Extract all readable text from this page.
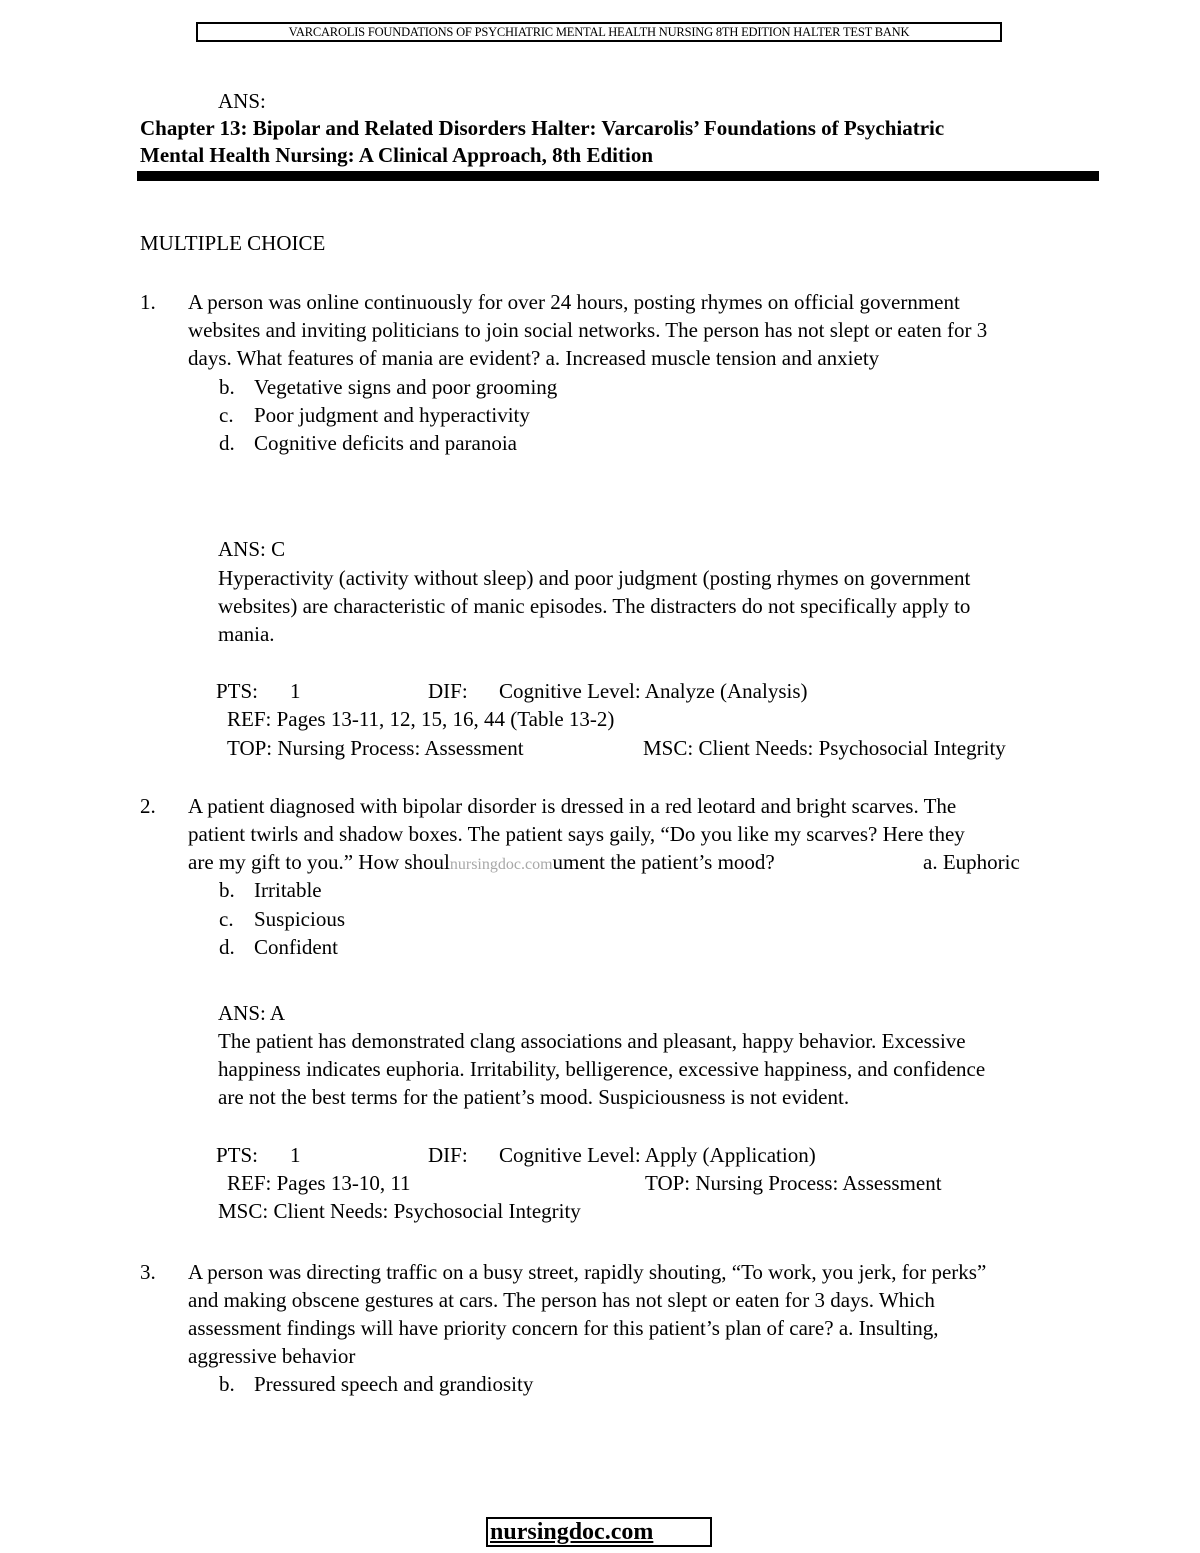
VARCAROLIS FOUNDATIONS OF PSYCHIATRIC MENTAL HEALTH NURSING 8TH EDITION HALTER TEST BANK
ANS:
Chapter 13: Bipolar and Related Disorders Halter: Varcarolis’ Foundations of Psychiatric
Mental Health Nursing: A Clinical Approach, 8th Edition
MULTIPLE CHOICE
1. A person was online continuously for over 24 hours, posting rhymes on official government
websites and inviting politicians to join social networks. The person has not slept or eaten for 3
days. What features of mania are evident? a. Increased muscle tension and anxiety
b. Vegetative signs and poor grooming
c. Poor judgment and hyperactivity
d. Cognitive deficits and paranoia
ANS: C
Hyperactivity (activity without sleep) and poor judgment (posting rhymes on government
websites) are characteristic of manic episodes. The distracters do not specifically apply to
mania.
PTS: 1	DIF: Cognitive Level: Analyze (Analysis)
REF: Pages 13-11, 12, 15, 16, 44 (Table 13-2)
TOP: Nursing Process: Assessment	MSC: Client Needs: Psychosocial Integrity
2. A patient diagnosed with bipolar disorder is dressed in a red leotard and bright scarves. The
patient twirls and shadow boxes. The patient says gaily, “Do you like my scarves? Here they
are my gift to you.” How shoulnursingdoc.comument the patient’s mood?	a. Euphoric
b. Irritable
c. Suspicious
d. Confident
ANS: A
The patient has demonstrated clang associations and pleasant, happy behavior. Excessive
happiness indicates euphoria. Irritability, belligerence, excessive happiness, and confidence
are not the best terms for the patient’s mood. Suspiciousness is not evident.
PTS: 1	DIF: Cognitive Level: Apply (Application)
REF: Pages 13-10, 11	TOP: Nursing Process: Assessment
MSC: Client Needs: Psychosocial Integrity
3. A person was directing traffic on a busy street, rapidly shouting, “To work, you jerk, for perks”
and making obscene gestures at cars. The person has not slept or eaten for 3 days. Which
assessment findings will have priority concern for this patient’s plan of care? a. Insulting,
aggressive behavior
b. Pressured speech and grandiosity
nursingdoc.com
